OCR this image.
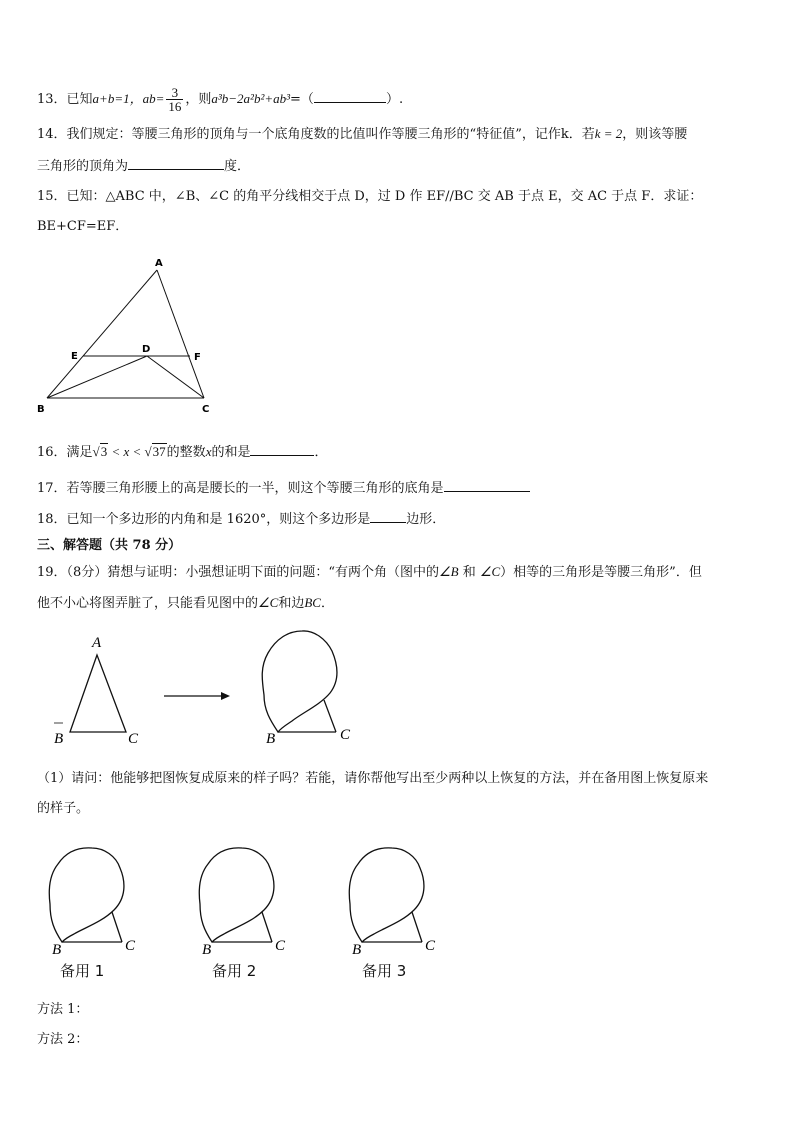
13．已知a+b=1，$ab= \frac{3}{16}$ ，则a³b−2a²b²+ab³=（	）.
14．我们规定：等腰三角形的顶角与一个底角度数的比值叫作等腰三角形的“特征值”，记作k．若k = 2，则该等腰
三角形的顶角为	度．
15．已知：△ABC 中，∠B、∠C 的角平分线相交于点 D，过 D 作 EF//BC 交 AB 于点 E，交 AC 于点 F．求证：
BE+CF=EF．
A
B	C
D
E	F
16．满足√3 < x < √37的整数x的和是	．
17．若等腰三角形腰上的高是腰长的一半，则这个等腰三角形的底角是
18．已知一个多边形的内角和是 1620°，则这个多边形是	边形．
三、解答题（共 78 分）
19．（8分）猜想与证明：小强想证明下面的问题：“有两个角（图中的∠B 和 ∠C）相等的三角形是等腰三角形”．但
他不小心将图弄脏了，只能看见图中的∠C和边BC．
A
B	C	B	C
（1）请问：他能够把图恢复成原来的样子吗？若能，请你帮他写出至少两种以上恢复的方法，并在备用图上恢复原来
的样子。
B	C
备用 1
B	C
备用 2
B	C
备用 3
方法 1：
方法 2：
